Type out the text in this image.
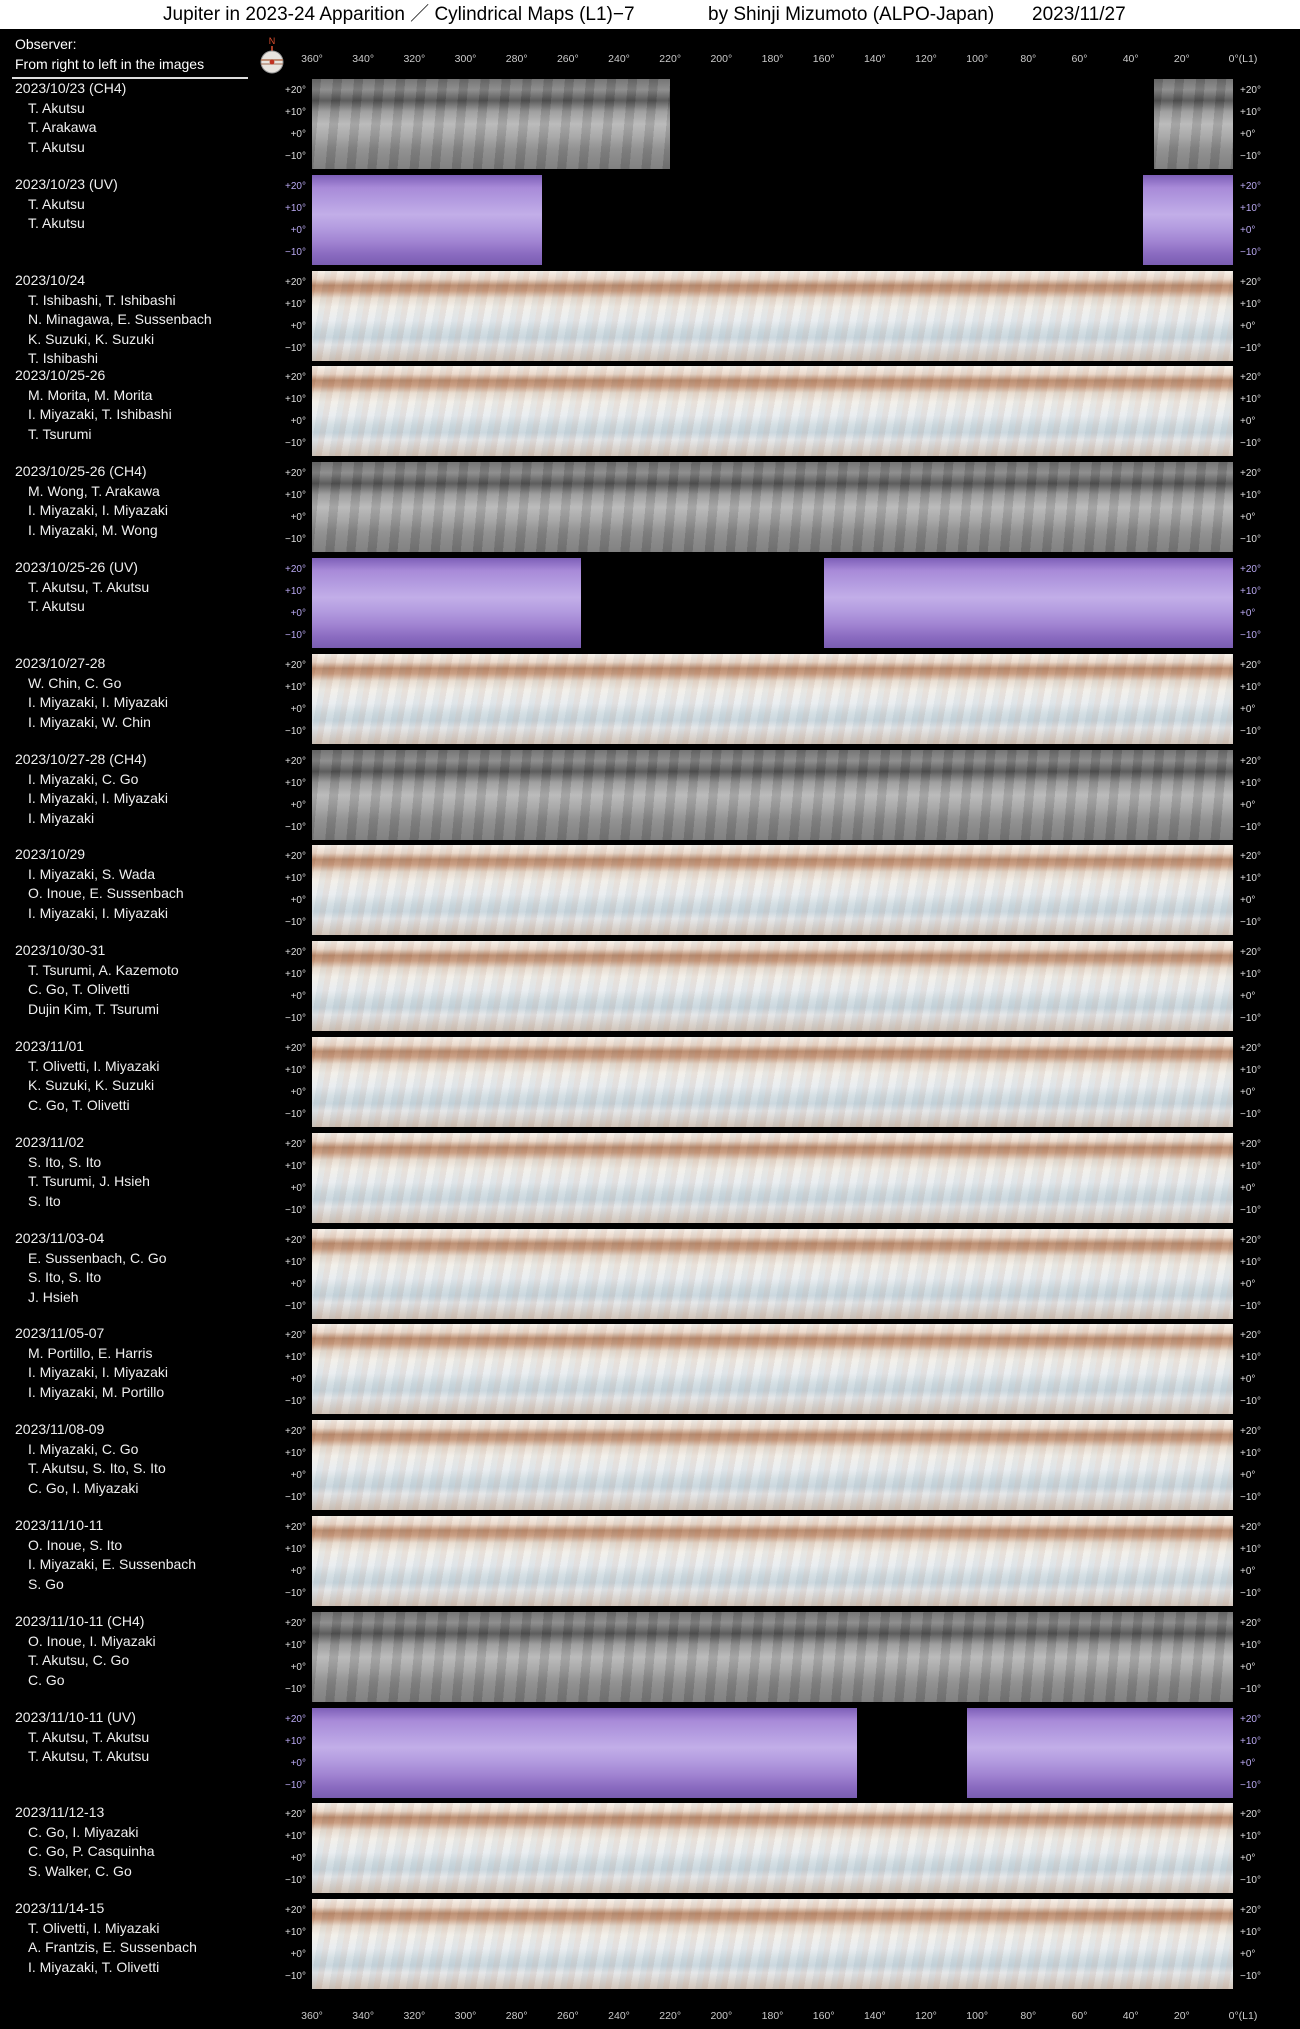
Jupiter in 2023-24 Apparition ／ Cylindrical Maps (L1)−7	by Shinji Mizumoto (ALPO-Japan) 2023/11/27
Observer:
From right to left in the images
N
360°	340°	320°	300°	280°	260°	240°	220°	200°	180°	160°	140°	120°	100°	80°	60°	40°	20°	0°(L1)
2023/10/23 (CH4)
T. Akutsu
T. Arakawa
T. Akutsu
+20°
+10°
+0°
−10°
+20°
+10°
+0°
−10°
2023/10/23 (UV)
T. Akutsu
T. Akutsu
+20°
+10°
+0°
−10°
+20°
+10°
+0°
−10°
2023/10/24
T. Ishibashi, T. Ishibashi
N. Minagawa, E. Sussenbach
K. Suzuki, K. Suzuki
T. Ishibashi
+20°
+10°
+0°
−10°
+20°
+10°
+0°
−10°
2023/10/25-26
M. Morita, M. Morita
I. Miyazaki, T. Ishibashi
T. Tsurumi
+20°
+10°
+0°
−10°
+20°
+10°
+0°
−10°
2023/10/25-26 (CH4)
M. Wong, T. Arakawa
I. Miyazaki, I. Miyazaki
I. Miyazaki, M. Wong
+20°
+10°
+0°
−10°
+20°
+10°
+0°
−10°
2023/10/25-26 (UV)
T. Akutsu, T. Akutsu
T. Akutsu
+20°
+10°
+0°
−10°
+20°
+10°
+0°
−10°
2023/10/27-28
W. Chin, C. Go
I. Miyazaki, I. Miyazaki
I. Miyazaki, W. Chin
+20°
+10°
+0°
−10°
+20°
+10°
+0°
−10°
2023/10/27-28 (CH4)
I. Miyazaki, C. Go
I. Miyazaki, I. Miyazaki
I. Miyazaki
+20°
+10°
+0°
−10°
+20°
+10°
+0°
−10°
2023/10/29
I. Miyazaki, S. Wada
O. Inoue, E. Sussenbach
I. Miyazaki, I. Miyazaki
+20°
+10°
+0°
−10°
+20°
+10°
+0°
−10°
2023/10/30-31
T. Tsurumi, A. Kazemoto
C. Go, T. Olivetti
Dujin Kim, T. Tsurumi
+20°
+10°
+0°
−10°
+20°
+10°
+0°
−10°
2023/11/01
T. Olivetti, I. Miyazaki
K. Suzuki, K. Suzuki
C. Go, T. Olivetti
+20°
+10°
+0°
−10°
+20°
+10°
+0°
−10°
2023/11/02
S. Ito, S. Ito
T. Tsurumi, J. Hsieh
S. Ito
+20°
+10°
+0°
−10°
+20°
+10°
+0°
−10°
2023/11/03-04
E. Sussenbach, C. Go
S. Ito, S. Ito
J. Hsieh
+20°
+10°
+0°
−10°
+20°
+10°
+0°
−10°
2023/11/05-07
M. Portillo, E. Harris
I. Miyazaki, I. Miyazaki
I. Miyazaki, M. Portillo
+20°
+10°
+0°
−10°
+20°
+10°
+0°
−10°
2023/11/08-09
I. Miyazaki, C. Go
T. Akutsu, S. Ito, S. Ito
C. Go, I. Miyazaki
+20°
+10°
+0°
−10°
+20°
+10°
+0°
−10°
2023/11/10-11
O. Inoue, S. Ito
I. Miyazaki, E. Sussenbach
S. Go
+20°
+10°
+0°
−10°
+20°
+10°
+0°
−10°
2023/11/10-11 (CH4)
O. Inoue, I. Miyazaki
T. Akutsu, C. Go
C. Go
+20°
+10°
+0°
−10°
+20°
+10°
+0°
−10°
2023/11/10-11 (UV)
T. Akutsu, T. Akutsu
T. Akutsu, T. Akutsu
+20°
+10°
+0°
−10°
+20°
+10°
+0°
−10°
2023/11/12-13
C. Go, I. Miyazaki
C. Go, P. Casquinha
S. Walker, C. Go
+20°
+10°
+0°
−10°
+20°
+10°
+0°
−10°
2023/11/14-15
T. Olivetti, I. Miyazaki
A. Frantzis, E. Sussenbach
I. Miyazaki, T. Olivetti
+20°
+10°
+0°
−10°
+20°
+10°
+0°
−10°
360°	340°	320°	300°	280°	260°	240°	220°	200°	180°	160°	140°	120°	100°	80°	60°	40°	20°	0°(L1)
